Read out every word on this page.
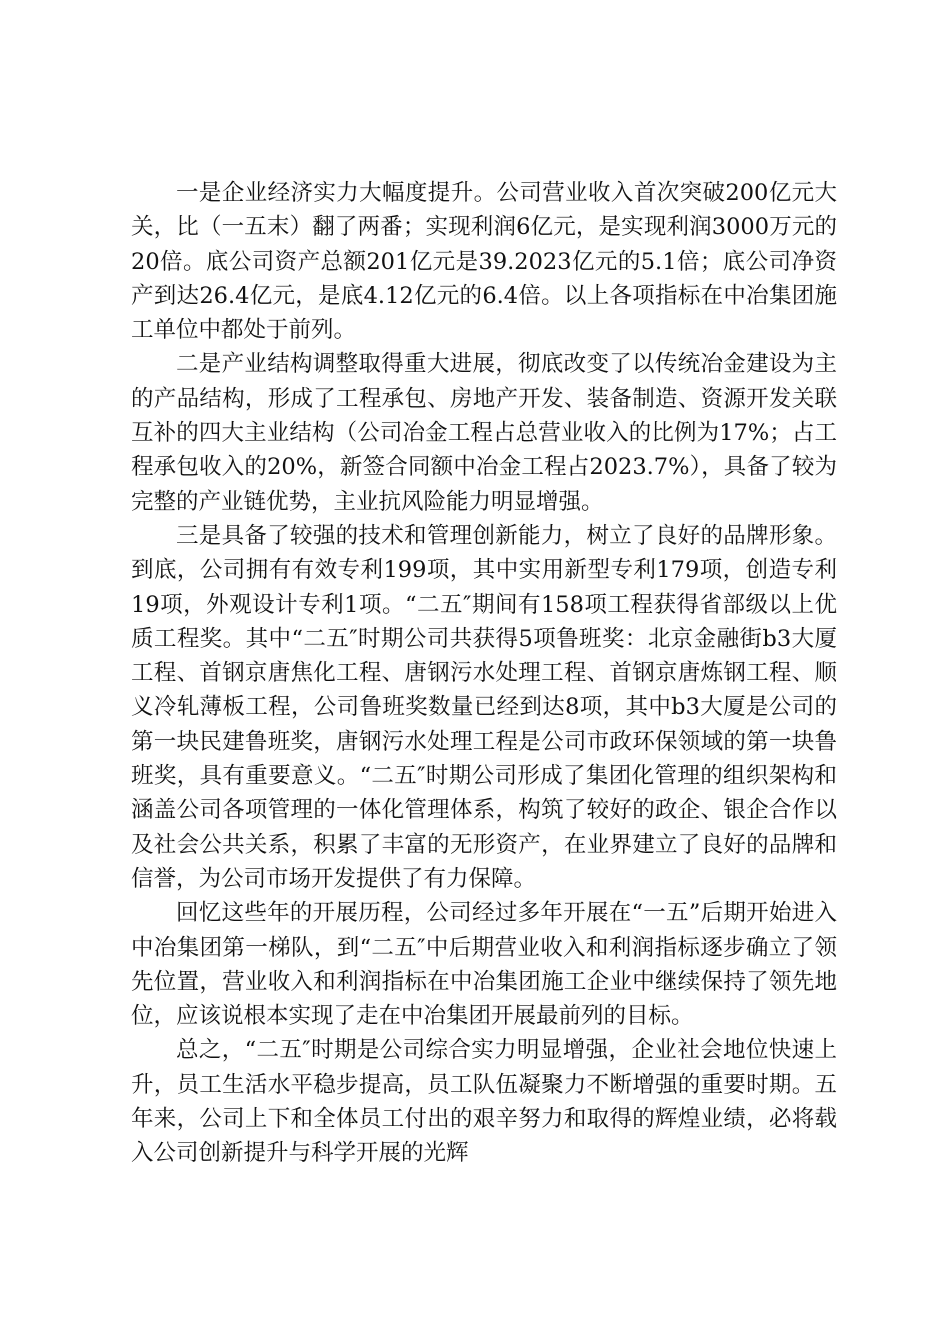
一是企业经济实力大幅度提升。公司营业收入首次突破200亿元大关，比（一五末）翻了两番；实现利润6亿元，是实现利润3000万元的20倍。底公司资产总额201亿元是39.2023亿元的5.1倍；底公司净资产到达26.4亿元，是底4.12亿元的6.4倍。以上各项指标在中冶集团施工单位中都处于前列。

二是产业结构调整取得重大进展，彻底改变了以传统冶金建设为主的产品结构，形成了工程承包、房地产开发、装备制造、资源开发关联互补的四大主业结构（公司冶金工程占总营业收入的比例为17%；占工程承包收入的20%，新签合同额中冶金工程占2023.7%），具备了较为完整的产业链优势，主业抗风险能力明显增强。

三是具备了较强的技术和管理创新能力，树立了良好的品牌形象。到底，公司拥有有效专利199项，其中实用新型专利179项，创造专利19项，外观设计专利1项。“二五″期间有158项工程获得省部级以上优质工程奖。其中“二五″时期公司共获得5项鲁班奖：北京金融街b3大厦工程、首钢京唐焦化工程、唐钢污水处理工程、首钢京唐炼钢工程、顺义冷轧薄板工程，公司鲁班奖数量已经到达8项，其中b3大厦是公司的第一块民建鲁班奖，唐钢污水处理工程是公司市政环保领域的第一块鲁班奖，具有重要意义。“二五″时期公司形成了集团化管理的组织架构和涵盖公司各项管理的一体化管理体系，构筑了较好的政企、银企合作以及社会公共关系，积累了丰富的无形资产，在业界建立了良好的品牌和信誉，为公司市场开发提供了有力保障。

回忆这些年的开展历程，公司经过多年开展在“一五”后期开始进入中冶集团第一梯队，到“二五″中后期营业收入和利润指标逐步确立了领先位置，营业收入和利润指标在中冶集团施工企业中继续保持了领先地位，应该说根本实现了走在中冶集团开展最前列的目标。

总之，“二五″时期是公司综合实力明显增强，企业社会地位快速上升，员工生活水平稳步提高，员工队伍凝聚力不断增强的重要时期。五年来，公司上下和全体员工付出的艰辛努力和取得的辉煌业绩，必将载入公司创新提升与科学开展的光辉
